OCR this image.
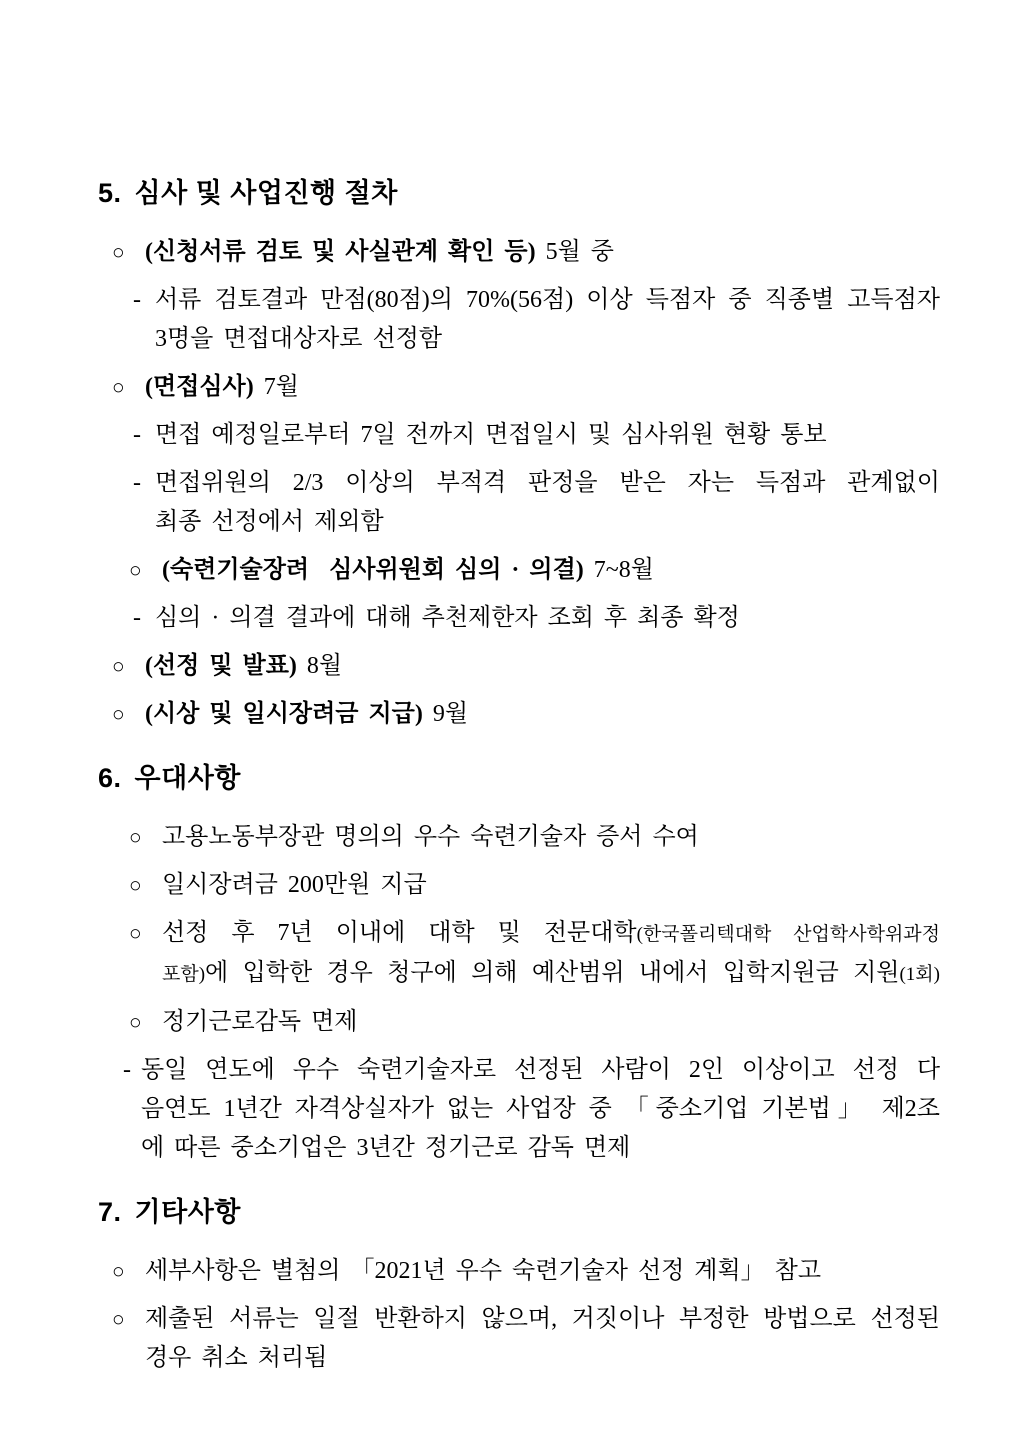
5. 심사 및 사업진행 절차
○ (신청서류 검토 및 사실관계 확인 등) 5월 중
- 서류 검토결과 만점(80점)의 70%(56점) 이상 득점자 중 직종별 고득점자
3명을 면접대상자로 선정함
○ (면접심사) 7월
- 면접 예정일로부터 7일 전까지 면접일시 및 심사위원 현황 통보
- 면접위원의 2/3 이상의 부적격 판정을 받은 자는 득점과 관계없이
최종 선정에서 제외함
○ (숙련기술장려  심사위원회 심의 · 의결) 7~8월
- 심의 · 의결 결과에 대해 추천제한자 조회 후 최종 확정
○ (선정 및 발표) 8월
○ (시상 및 일시장려금 지급) 9월
6. 우대사항
○ 고용노동부장관 명의의 우수 숙련기술자 증서 수여
○ 일시장려금 200만원 지급
○ 선정 후 7년 이내에 대학 및 전문대학(한국폴리텍대학 산업학사학위과정
포함)에 입학한 경우 청구에 의해 예산범위 내에서 입학지원금 지원(1회)
○ 정기근로감독 면제
- 동일 연도에 우수 숙련기술자로 선정된 사람이 2인 이상이고 선정 다
음연도 1년간 자격상실자가 없는 사업장 중 「중소기업 기본법」 제2조
에 따른 중소기업은 3년간 정기근로 감독 면제
7. 기타사항
○ 세부사항은 별첨의 「2021년 우수 숙련기술자 선정 계획」 참고
○ 제출된 서류는 일절 반환하지 않으며, 거짓이나 부정한 방법으로 선정된
경우 취소 처리됨
